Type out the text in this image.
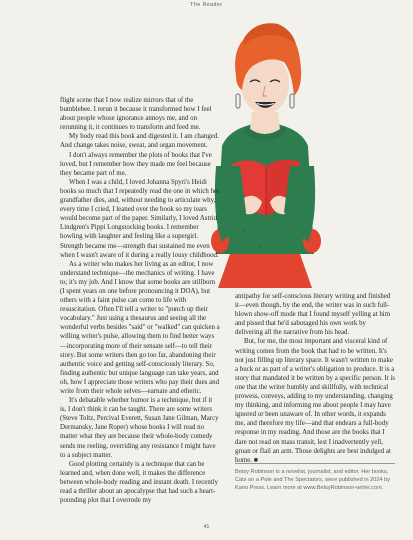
The Reader

flight scene that I now realize mirrors that of the bumblebee. I rerun it because it transformed how I feel about people whose ignorance annoys me, and on rerunning it, it continues to transform and feed me.

My body read this book and digested it. I am changed. And change takes noise, sweat, and organ movement.

I don't always remember the plots of books that I've loved, but I remember how they made me feel because they became part of me.

When I was a child, I loved Johanna Spyri's Heidi books so much that I repeatedly read the one in which her grandfather dies, and, without needing to articulate why, every time I cried, I leaned over the book so my tears would become part of the paper. Similarly, I loved Astrid Lindgren's Pippi Longstocking books. I remember howling with laughter and feeling like a supergirl. Strength became me—strength that sustained me even when I wasn't aware of it during a really lousy childhood.

As a writer who makes her living as an editor, I now understand technique—the mechanics of writing. I have to; it's my job. And I know that some books are stillborn (I spent years on one before pronouncing it DOA), but others with a faint pulse can come to life with resuscitation. Often I'll tell a writer to "punch up their vocabulary." Just using a thesaurus and seeing all the wonderful verbs besides "said" or "walked" can quicken a willing writer's pulse, allowing them to find better ways—incorporating more of their sensate self—to tell their story. But some writers then go too far, abandoning their authentic voice and getting self-consciously literary. So, finding authentic but unique language can take years, and oh, how I appreciate those writers who pay their dues and write from their whole selves—earnate and etheric.

It's debatable whether humor is a technique, but if it is, I don't think it can be taught. There are some writers (Steve Toltz, Percival Everett, Susan Jane Gilman, Marcy Dermansky, Jane Roper) whose books I will read no matter what they are because their whole-body comedy sends me reeling, overriding any resistance I might have to a subject matter.

Good plotting certainly is a technique that can be learned and, when done well, it makes the difference between whole-body reading and instant death. I recently read a thriller about an apocalypse that had such a heart-pounding plot that I overrode my

antipathy for self-conscious literary writing and finished it—even though, by the end, the writer was in such full-blown show-off mode that I found myself yelling at him and pissed that he'd sabotaged his own work by delivering all the narrative from his head.

But, for me, the most important and visceral kind of writing comes from the book that had to be written. It's not just filling up literary space. It wasn't written to make a buck or as part of a writer's obligation to produce. It is a story that mandated it be written by a specific person. It is one that the writer humbly and skillfully, with technical prowess, conveys, adding to my understanding, changing my thinking, and informing me about people I may have ignored or been unaware of. In other words, it expands me, and therefore my life—and that endears a full-body response in my reading. And those are the books that I dare not read on mass transit, lest I inadvertently yell, groan or flail an arm. Those delights are best indulged at home. ■

Betsy Robinson is a novelist, journalist, and editor. Her books, Cats on a Pole and The Spectators, were published in 2024 by Kano Press. Learn more at www.BetsyRobinson-writer.com.
41
